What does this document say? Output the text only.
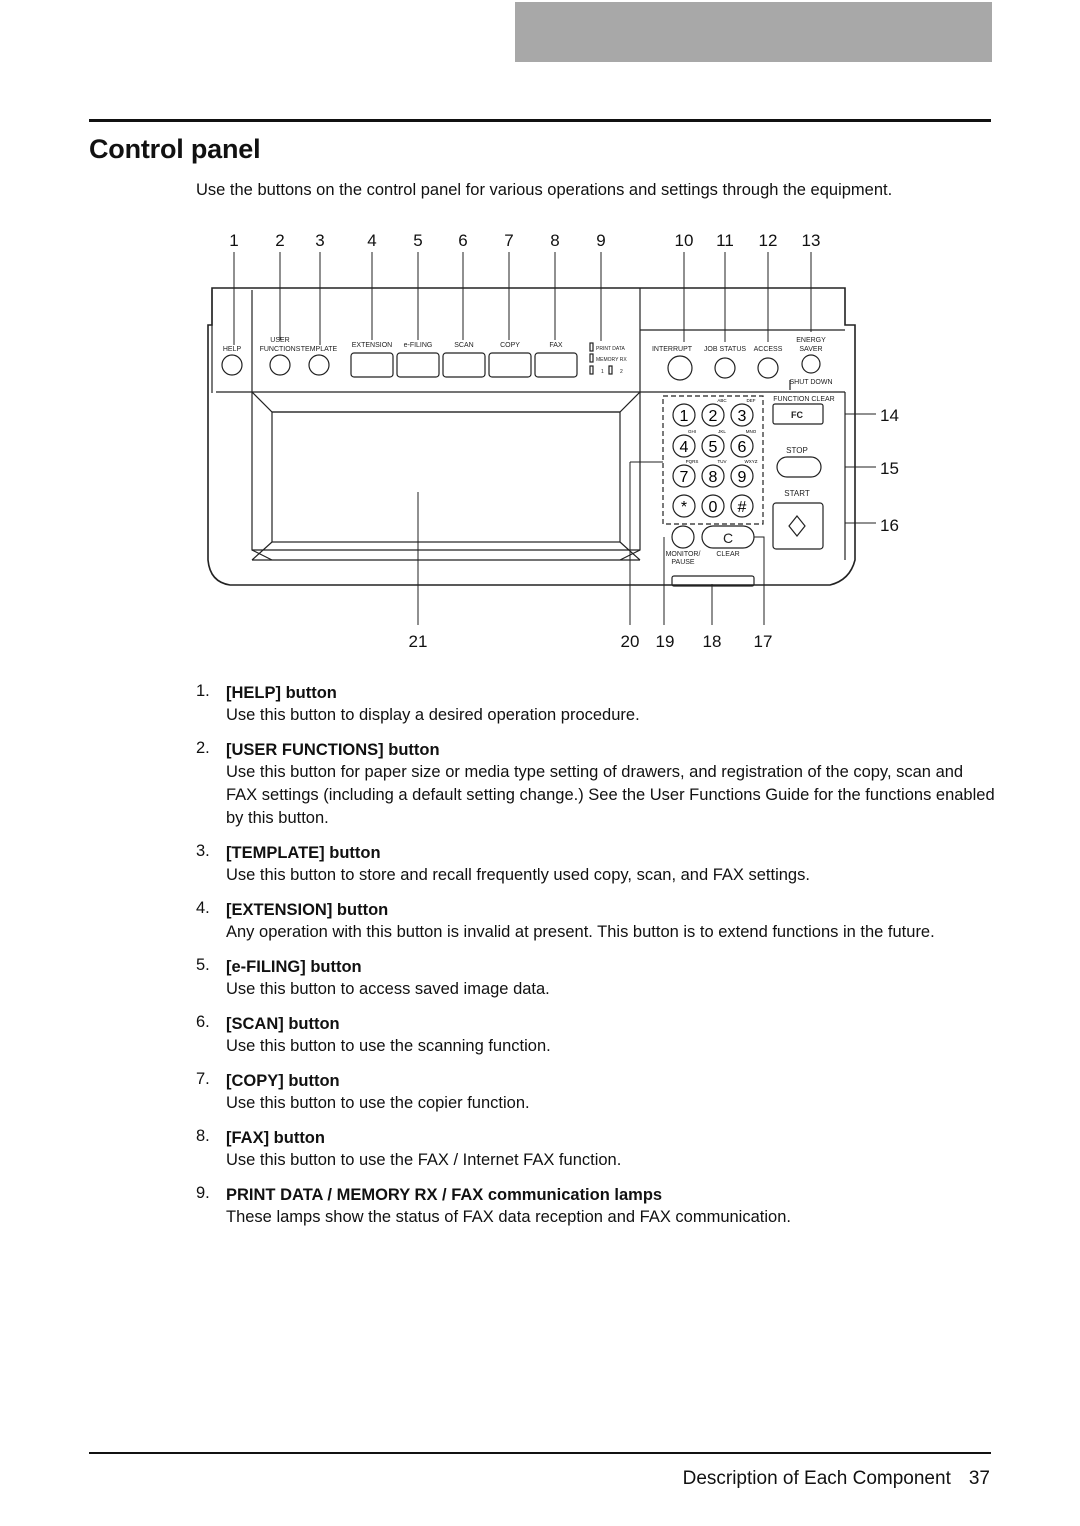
Control panel
Use the buttons on the control panel for various operations and settings through the equipment.
1 2 3
4 5 6
7 8 9
* 0 #
ABC	DEF
GHI	JKL	MNO
PQRS	TUV	WXYZ
HELP
USER
FUNCTIONS TEMPLATE
EXTENSION e-FILING	SCAN	COPY	FAX
INTERRUPT JOB STATUS ACCESS
ENERGY
SAVER
SHUT DOWN
FUNCTION CLEAR
STOP
START
MONITOR/
PAUSE
CLEAR
FC
C
PRINT DATA
MEMORY RX
1	2
1 2 3	4 5 6 7 8 9	10 11 12 13
14
15
16
21	20 19 18 17
1. [HELP] button
Use this button to display a desired operation procedure.
2. [USER FUNCTIONS] button
Use this button for paper size or media type setting of drawers, and registration of the copy, scan and FAX settings (including a default setting change.) See the User Functions Guide for the functions enabled by this button.
3. [TEMPLATE] button
Use this button to store and recall frequently used copy, scan, and FAX settings.
4. [EXTENSION] button
Any operation with this button is invalid at present. This button is to extend functions in the future.
5. [e-FILING] button
Use this button to access saved image data.
6. [SCAN] button
Use this button to use the scanning function.
7. [COPY] button
Use this button to use the copier function.
8. [FAX] button
Use this button to use the FAX / Internet FAX function.
9. PRINT DATA / MEMORY RX / FAX communication lamps
These lamps show the status of FAX data reception and FAX communication.
Description of Each Component 37
